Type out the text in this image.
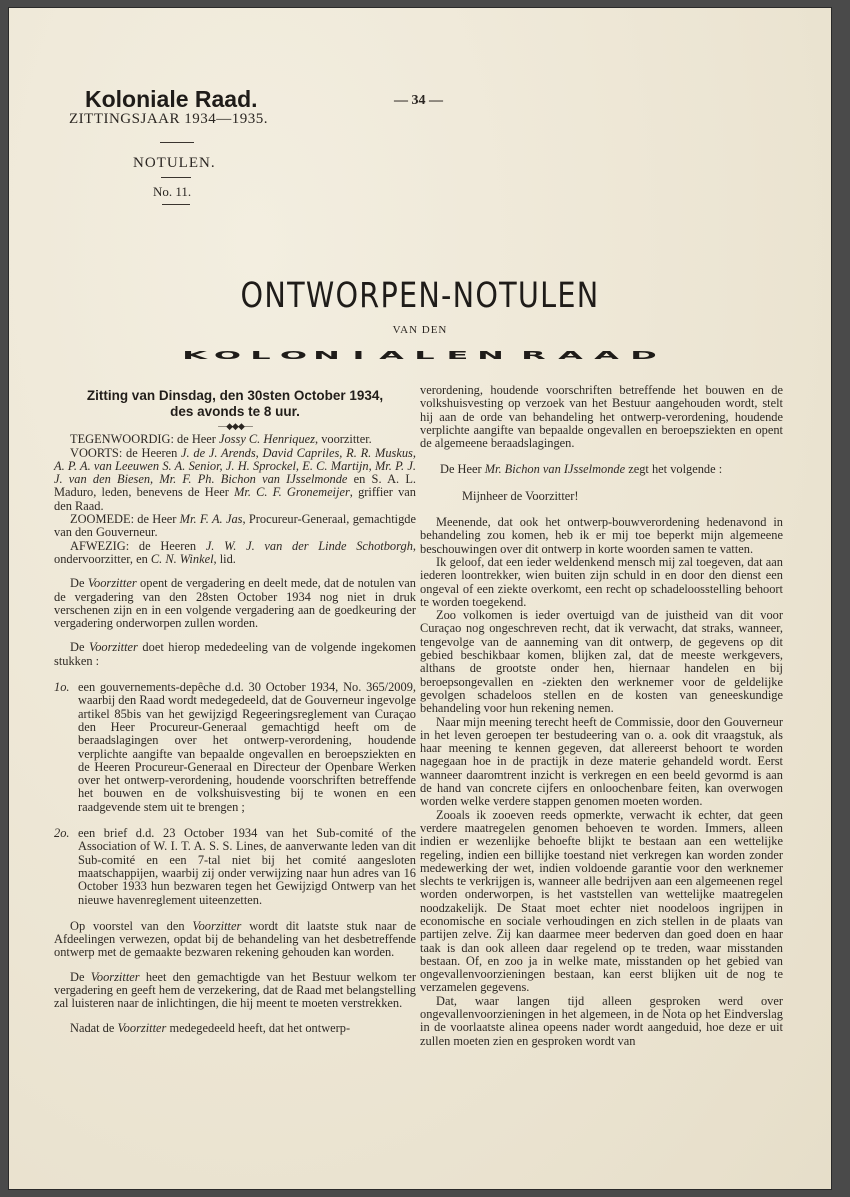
Koloniale Raad.
ZITTINGSJAAR 1934—1935.
NOTULEN.
No. 11.
— 34 —
ONTWORPEN-NOTULEN
VAN DEN
K O L O N I A L E N R A A D

Zitting van Dinsdag, den 30sten October 1934,

des avonds te 8 uur.

—◆◆◆—

TEGENWOORDIG: de Heer Jossy C. Henriquez, voorzitter.

VOORTS: de Heeren J. de J. Arends, David Capriles, R. R. Muskus, A. P. A. van Leeuwen S. A. Senior, J. H. Sprockel, E. C. Martijn, Mr. P. J. J. van den Biesen, Mr. F. Ph. Bichon van IJsselmonde en S. A. L. Maduro, leden, benevens de Heer Mr. C. F. Gronemeijer, griffier van den Raad.

ZOOMEDE: de Heer Mr. F. A. Jas, Procureur-Generaal, gemachtigde van den Gouverneur.

AFWEZIG: de Heeren J. W. J. van der Linde Schotborgh, ondervoorzitter, en C. N. Winkel, lid.

De Voorzitter opent de vergadering en deelt mede, dat de notulen van de vergadering van den 28sten October 1934 nog niet in druk verschenen zijn en in een volgende vergadering aan de goedkeuring der vergadering onderworpen zullen worden.

De Voorzitter doet hierop mededeeling van de volgende ingekomen stukken :

1o. een gouvernements-depêche d.d. 30 October 1934, No. 365/2009, waarbij den Raad wordt medegedeeld, dat de Gouverneur ingevolge artikel 85bis van het gewijzigd Regeeringsreglement van Curaçao den Heer Procureur-Generaal gemachtigd heeft om de beraadslagingen over het ontwerp-verordening, houdende verplichte aangifte van bepaalde ongevallen en beroepsziekten en de Heeren Procureur-Generaal en Directeur der Openbare Werken over het ontwerp-verordening, houdende voorschriften betreffende het bouwen en de volkshuisvesting bij te wonen en een raadgevende stem uit te brengen ;
2o. een brief d.d. 23 October 1934 van het Sub-comité of the Association of W. I. T. A. S. S. Lines, de aanverwante leden van dit Sub-comité en een 7-tal niet bij het comité aangesloten maatschappijen, waarbij zij onder verwijzing naar hun adres van 16 October 1933 hun bezwaren tegen het Gewijzigd Ontwerp van het nieuwe havenreglement uiteenzetten.

Op voorstel van den Voorzitter wordt dit laatste stuk naar de Afdeelingen verwezen, opdat bij de behandeling van het desbetreffende ontwerp met de gemaakte bezwaren rekening gehouden kan worden.

De Voorzitter heet den gemachtigde van het Bestuur welkom ter vergadering en geeft hem de verzekering, dat de Raad met belangstelling zal luisteren naar de inlichtingen, die hij meent te moeten verstrekken.

Nadat de Voorzitter medegedeeld heeft, dat het ontwerp-

verordening, houdende voorschriften betreffende het bouwen en de volkshuisvesting op verzoek van het Bestuur aangehouden wordt, stelt hij aan de orde van behandeling het ontwerp-verordening, houdende verplichte aangifte van bepaalde ongevallen en beroepsziekten en opent de algemeene beraadslagingen.

De Heer Mr. Bichon van IJsselmonde zegt het volgende :

Mijnheer de Voorzitter!

Meenende, dat ook het ontwerp-bouwverordening hedenavond in behandeling zou komen, heb ik er mij toe beperkt mijn algemeene beschouwingen over dit ontwerp in korte woorden samen te vatten.

Ik geloof, dat een ieder weldenkend mensch mij zal toegeven, dat aan iederen loontrekker, wien buiten zijn schuld in en door den dienst een ongeval of een ziekte overkomt, een recht op schadeloosstelling behoort te worden toegekend.

Zoo volkomen is ieder overtuigd van de juistheid van dit voor Curaçao nog ongeschreven recht, dat ik verwacht, dat straks, wanneer, tengevolge van de aanneming van dit ontwerp, de gegevens op dit gebied beschikbaar komen, blijken zal, dat de meeste werkgevers, althans de grootste onder hen, hiernaar handelen en bij beroepsongevallen en -ziekten den werknemer voor de geldelijke gevolgen schadeloos stellen en de kosten van geneeskundige behandeling voor hun rekening nemen.

Naar mijn meening terecht heeft de Commissie, door den Gouverneur in het leven geroepen ter bestudeering van o. a. ook dit vraagstuk, als haar meening te kennen gegeven, dat allereerst behoort te worden nagegaan hoe in de practijk in deze materie gehandeld wordt. Eerst wanneer daaromtrent inzicht is verkregen en een beeld gevormd is aan de hand van concrete cijfers en onloochenbare feiten, kan overwogen worden welke verdere stappen genomen moeten worden.

Zooals ik zooeven reeds opmerkte, verwacht ik echter, dat geen verdere maatregelen genomen behoeven te worden. Immers, alleen indien er wezenlijke behoefte blijkt te bestaan aan een wettelijke regeling, indien een billijke toestand niet verkregen kan worden zonder medewerking der wet, indien voldoende garantie voor den werknemer slechts te verkrijgen is, wanneer alle bedrijven aan een algemeenen regel worden onderworpen, is het vaststellen van wettelijke maatregelen noodzakelijk. De Staat moet echter niet noodeloos ingrijpen in economische en sociale verhoudingen en zich stellen in de plaats van partijen zelve. Zij kan daarmee meer bederven dan goed doen en haar taak is dan ook alleen daar regelend op te treden, waar misstanden bestaan. Of, en zoo ja in welke mate, misstanden op het gebied van ongevallenvoorzieningen bestaan, kan eerst blijken uit de nog te verzamelen gegevens.

Dat, waar langen tijd alleen gesproken werd over ongevallenvoorzieningen in het algemeen, in de Nota op het Eindverslag in de voorlaatste alinea opeens nader wordt aangeduid, hoe deze er uit zullen moeten zien en gesproken wordt van
